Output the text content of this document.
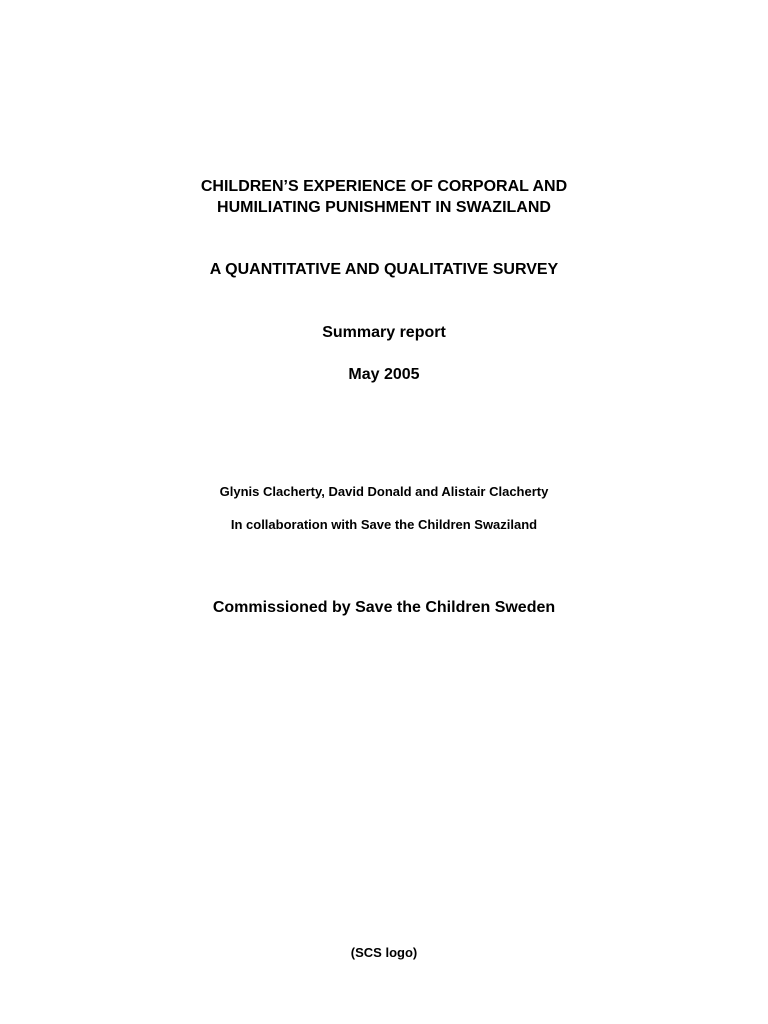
CHILDREN’S EXPERIENCE OF CORPORAL AND
HUMILIATING PUNISHMENT IN SWAZILAND
A QUANTITATIVE AND QUALITATIVE SURVEY
Summary report
May 2005
Glynis Clacherty, David Donald and Alistair Clacherty
In collaboration with Save the Children Swaziland
Commissioned by Save the Children Sweden
(SCS logo)
